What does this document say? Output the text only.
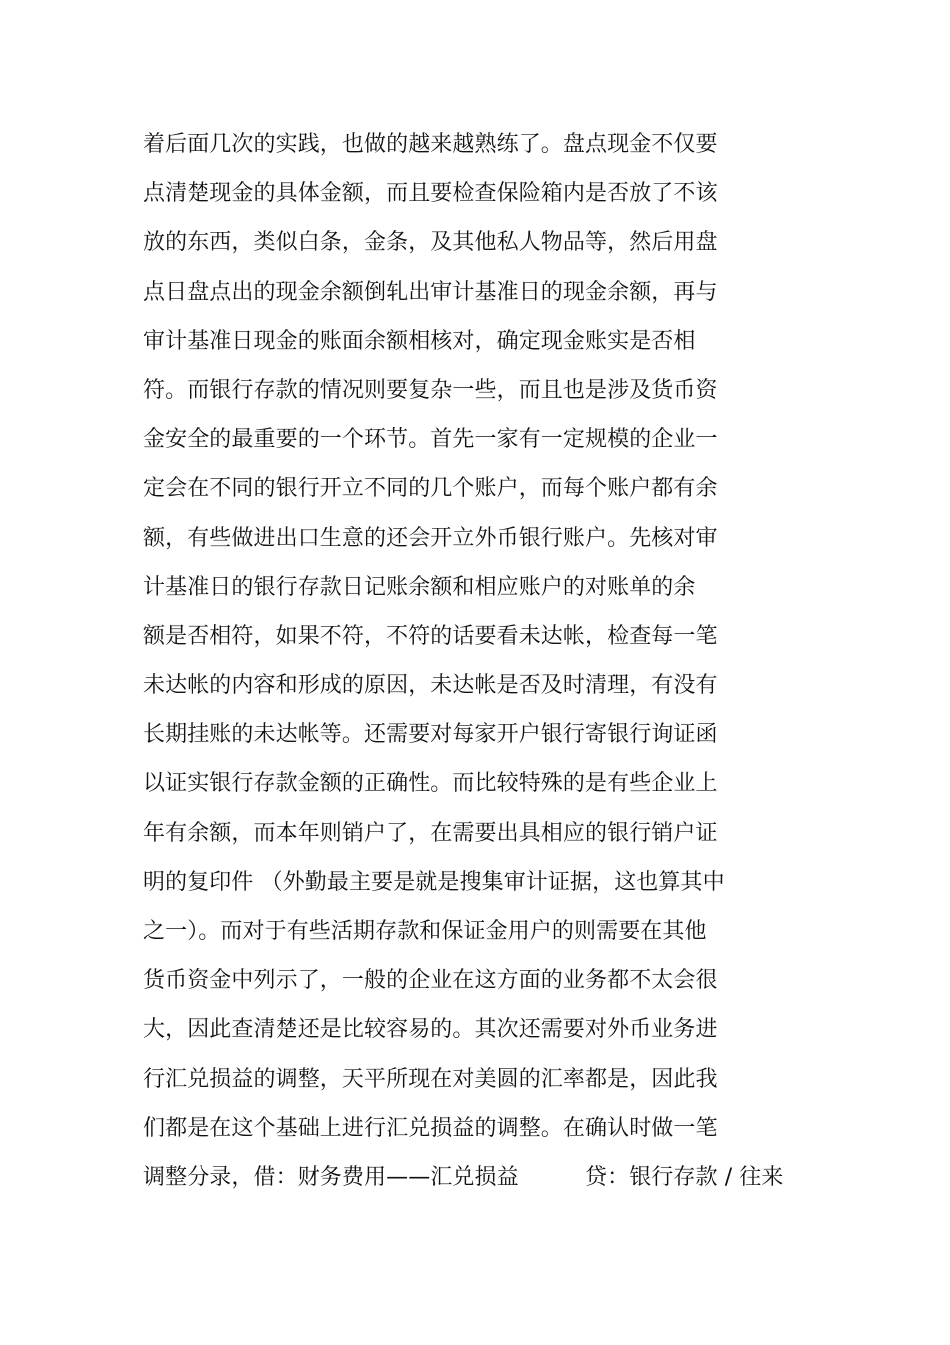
着后面几次的实践，也做的越来越熟练了。盘点现金不仅要
点清楚现金的具体金额，而且要检查保险箱内是否放了不该
放的东西，类似白条，金条，及其他私人物品等，然后用盘
点日盘点出的现金余额倒轧出审计基准日的现金余额，再与
审计基准日现金的账面余额相核对，确定现金账实是否相
符。而银行存款的情况则要复杂一些，而且也是涉及货币资
金安全的最重要的一个环节。首先一家有一定规模的企业一
定会在不同的银行开立不同的几个账户，而每个账户都有余
额，有些做进出口生意的还会开立外币银行账户。先核对审
计基准日的银行存款日记账余额和相应账户的对账单的余
额是否相符，如果不符，不符的话要看未达帐，检查每一笔
未达帐的内容和形成的原因，未达帐是否及时清理，有没有
长期挂账的未达帐等。还需要对每家开户银行寄银行询证函
以证实银行存款金额的正确性。而比较特殊的是有些企业上
年有余额，而本年则销户了，在需要出具相应的银行销户证
明的复印件 （外勤最主要是就是搜集审计证据，这也算其中
之一）。而对于有些活期存款和保证金用户的则需要在其他
货币资金中列示了，一般的企业在这方面的业务都不太会很
大，因此查清楚还是比较容易的。其次还需要对外币业务进
行汇兑损益的调整，天平所现在对美圆的汇率都是，因此我
们都是在这个基础上进行汇兑损益的调整。在确认时做一笔
调整分录，借：财务费用——汇兑损益　　　贷：银行存款 / 往来
